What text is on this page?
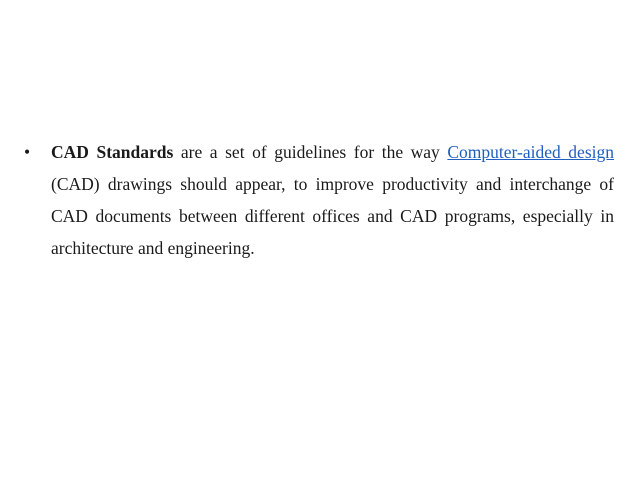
•	CAD Standards are a set of guidelines for the way Computer-aided design (CAD) drawings should appear, to improve productivity and interchange of CAD documents between different offices and CAD programs, especially in architecture and engineering.
